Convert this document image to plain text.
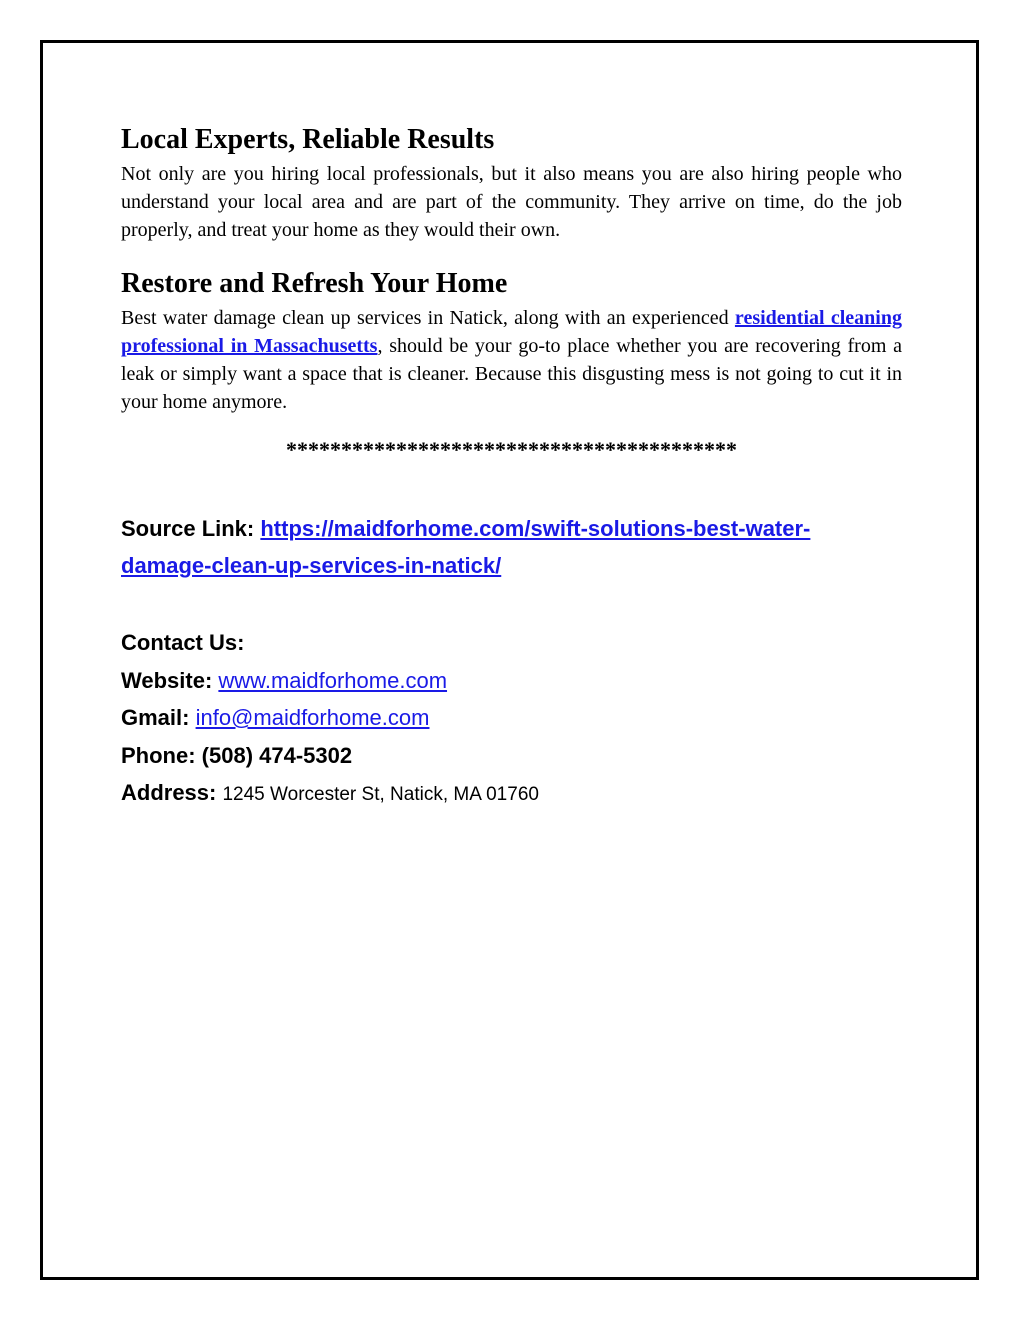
Local Experts, Reliable Results

Not only are you hiring local professionals, but it also means you are also hiring people who understand your local area and are part of the community. They arrive on time, do the job properly, and treat your home as they would their own.

Restore and Refresh Your Home

Best water damage clean up services in Natick, along with an experienced residential cleaning professional in Massachusetts, should be your go-to place whether you are recovering from a leak or simply want a space that is cleaner. Because this disgusting mess is not going to cut it in your home anymore.

*****************************************
Source Link: https://maidforhome.com/swift-solutions-best-water-
damage-clean-up-services-in-natick/
Contact Us:
Website: www.maidforhome.com
Gmail: info@maidforhome.com
Phone: (508) 474-5302
Address: 1245 Worcester St, Natick, MA 01760
